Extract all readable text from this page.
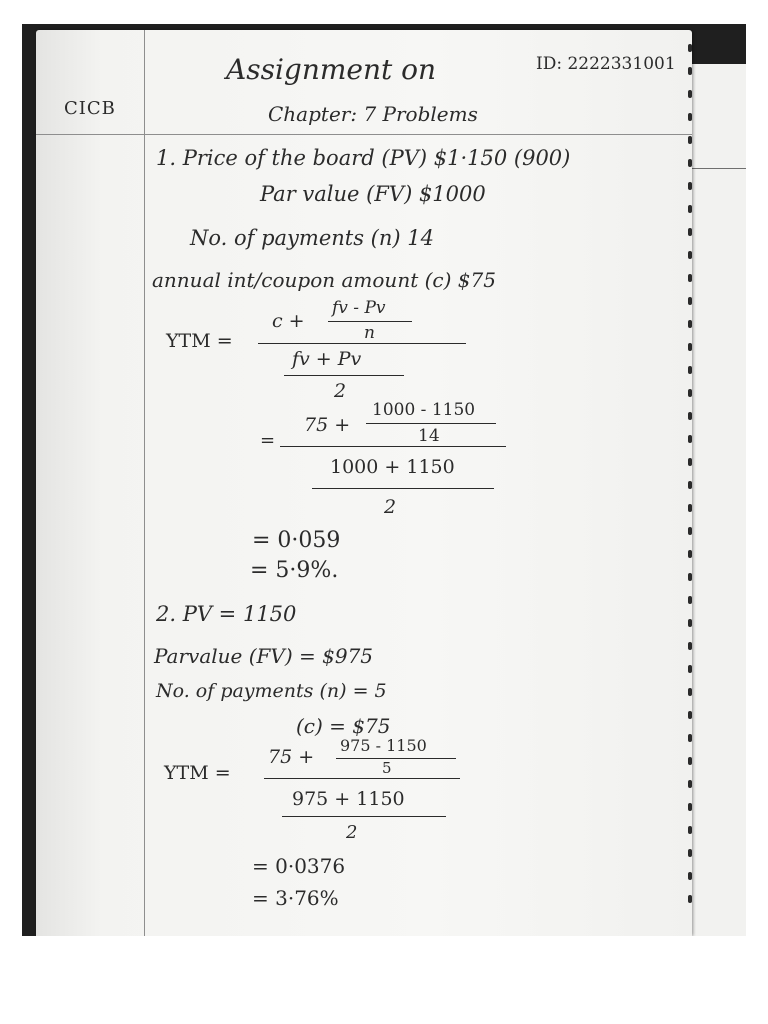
CICB
Assignment on
Chapter: 7 Problems
ID: 2222331001
1. Price of the board (PV) $1·150 (900)
Par value (FV) $1000
No. of payments (n) 14
annual int/coupon amount (c) $75
YTM =
c +
fv - Pv
n
fv + Pv
2
=
75 +
1000 - 1150
14
1000 + 1150
2
= 0·059
= 5·9%.
2. PV = 1150
Parvalue (FV) = $975
No. of payments (n) = 5
(c) = $75
YTM =
75 +
975 - 1150
5
975 + 1150
2
= 0·0376
= 3·76%
